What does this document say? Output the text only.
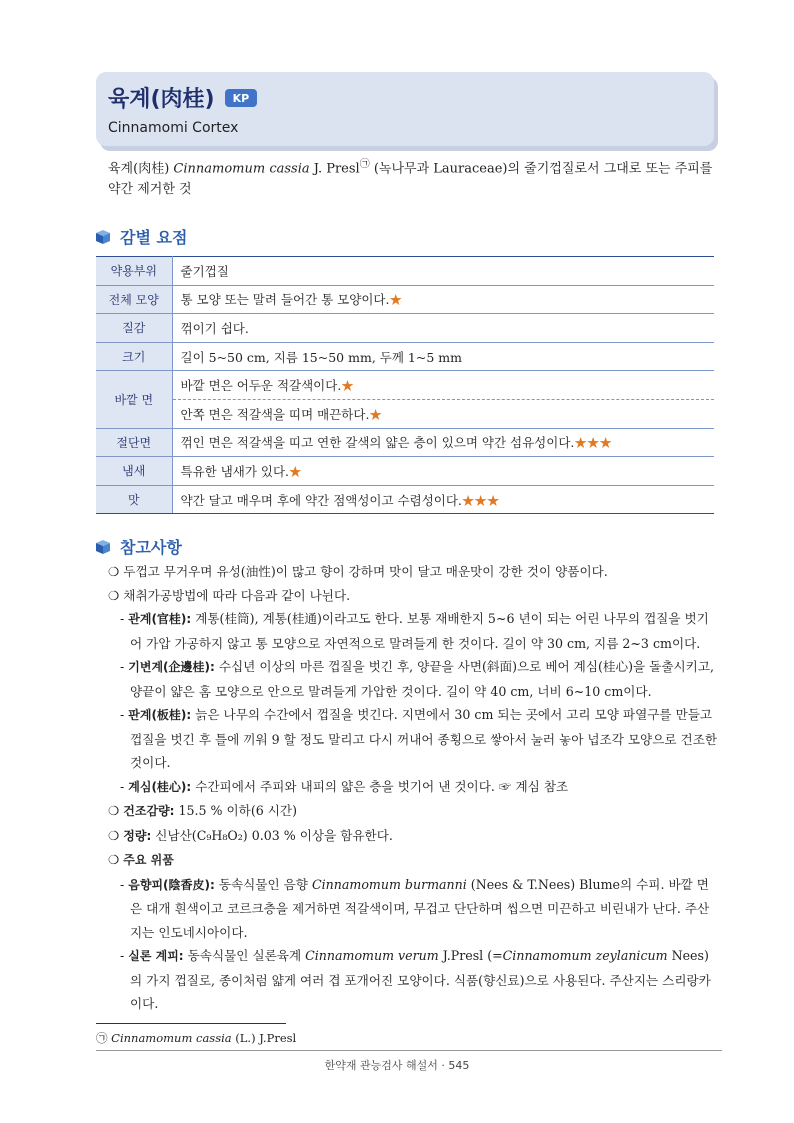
육계(肉桂)	KP
Cinnamomi Cortex
육계(肉桂) Cinnamomum cassia J. Presl㉠ (녹나무과 Lauraceae)의 줄기껍질로서 그대로 또는 주피를 약간 제거한 것
감별 요점
약용부위	줄기껍질
전체 모양	통 모양 또는 말려 들어간 통 모양이다.★
질감	꺾이기 쉽다.
크기	길이 5~50 cm, 지름 15~50 mm, 두께 1~5 mm
바깥 면	바깥 면은 어두운 적갈색이다.★
	안쪽 면은 적갈색을 띠며 매끈하다.★
절단면	꺾인 면은 적갈색을 띠고 연한 갈색의 얇은 층이 있으며 약간 섬유성이다.★★★
냄새	특유한 냄새가 있다.★
맛	약간 달고 매우며 후에 약간 점액성이고 수렴성이다.★★★
참고사항
❍ 두껍고 무거우며 유성(油性)이 많고 향이 강하며 맛이 달고 매운맛이 강한 것이 양품이다.
❍ 채취가공방법에 따라 다음과 같이 나뉜다.
- 관계(官桂): 계통(桂筒), 계통(桂通)이라고도 한다. 보통 재배한지 5~6 년이 되는 어린 나무의 껍질을 벗기어 가압 가공하지 않고 통 모양으로 자연적으로 말려들게 한 것이다. 길이 약 30 cm, 지름 2~3 cm이다.
- 기변계(企邊桂): 수십년 이상의 마른 껍질을 벗긴 후, 양끝을 사면(斜面)으로 베어 계심(桂心)을 돌출시키고, 양끝이 얇은 홈 모양으로 안으로 말려들게 가압한 것이다. 길이 약 40 cm, 너비 6~10 cm이다.
- 판계(板桂): 늙은 나무의 수간에서 껍질을 벗긴다. 지면에서 30 cm 되는 곳에서 고리 모양 파열구를 만들고 껍질을 벗긴 후 틀에 끼워 9 할 정도 말리고 다시 꺼내어 종횡으로 쌓아서 눌러 놓아 넙조각 모양으로 건조한 것이다.
- 계심(桂心): 수간피에서 주피와 내피의 얇은 층을 벗기어 낸 것이다. ☞ 계심 참조
❍ 건조감량: 15.5 % 이하(6 시간)
❍ 정량: 신남산(C₉H₈O₂) 0.03 % 이상을 함유한다.
❍ 주요 위품
- 음향피(陰香皮): 동속식물인 음향 Cinnamomum burmanni (Nees & T.Nees) Blume의 수피. 바깥 면은 대개 흰색이고 코르크층을 제거하면 적갈색이며, 무겁고 단단하며 씹으면 미끈하고 비린내가 난다. 주산지는 인도네시아이다.
- 실론 계피: 동속식물인 실론육계 Cinnamomum verum J.Presl (=Cinnamomum zeylanicum Nees)의 가지 껍질로, 종이처럼 얇게 여러 겹 포개어진 모양이다. 식품(향신료)으로 사용된다. 주산지는 스리랑카이다.
㉠ Cinnamomum cassia (L.) J.Presl
한약재 관능검사 해설서 · 545
